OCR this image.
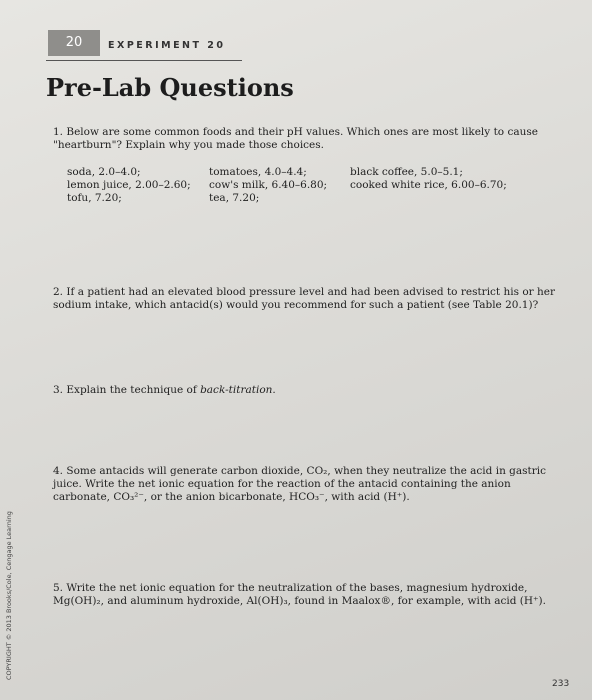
20	EXPERIMENT 20
Pre-Lab Questions
1. Below are some common foods and their pH values. Which ones are most likely to cause "heartburn"? Explain why you made those choices.
soda, 2.0–4.0;
lemon juice, 2.00–2.60;
tofu, 7.20;
tomatoes, 4.0–4.4;
cow's milk, 6.40–6.80;
tea, 7.20;
black coffee, 5.0–5.1;
cooked white rice, 6.00–6.70;
2. If a patient had an elevated blood pressure level and had been advised to restrict his or her sodium intake, which antacid(s) would you recommend for such a patient (see Table 20.1)?
3. Explain the technique of back-titration.
4. Some antacids will generate carbon dioxide, CO₂, when they neutralize the acid in gastric juice. Write the net ionic equation for the reaction of the antacid containing the anion carbonate, CO₃²⁻, or the anion bicarbonate, HCO₃⁻, with acid (H⁺).
5. Write the net ionic equation for the neutralization of the bases, magnesium hydroxide, Mg(OH)₂, and aluminum hydroxide, Al(OH)₃, found in Maalox®, for example, with acid (H⁺).
COPYRIGHT © 2013 Brooks/Cole, Cengage Learning
233
